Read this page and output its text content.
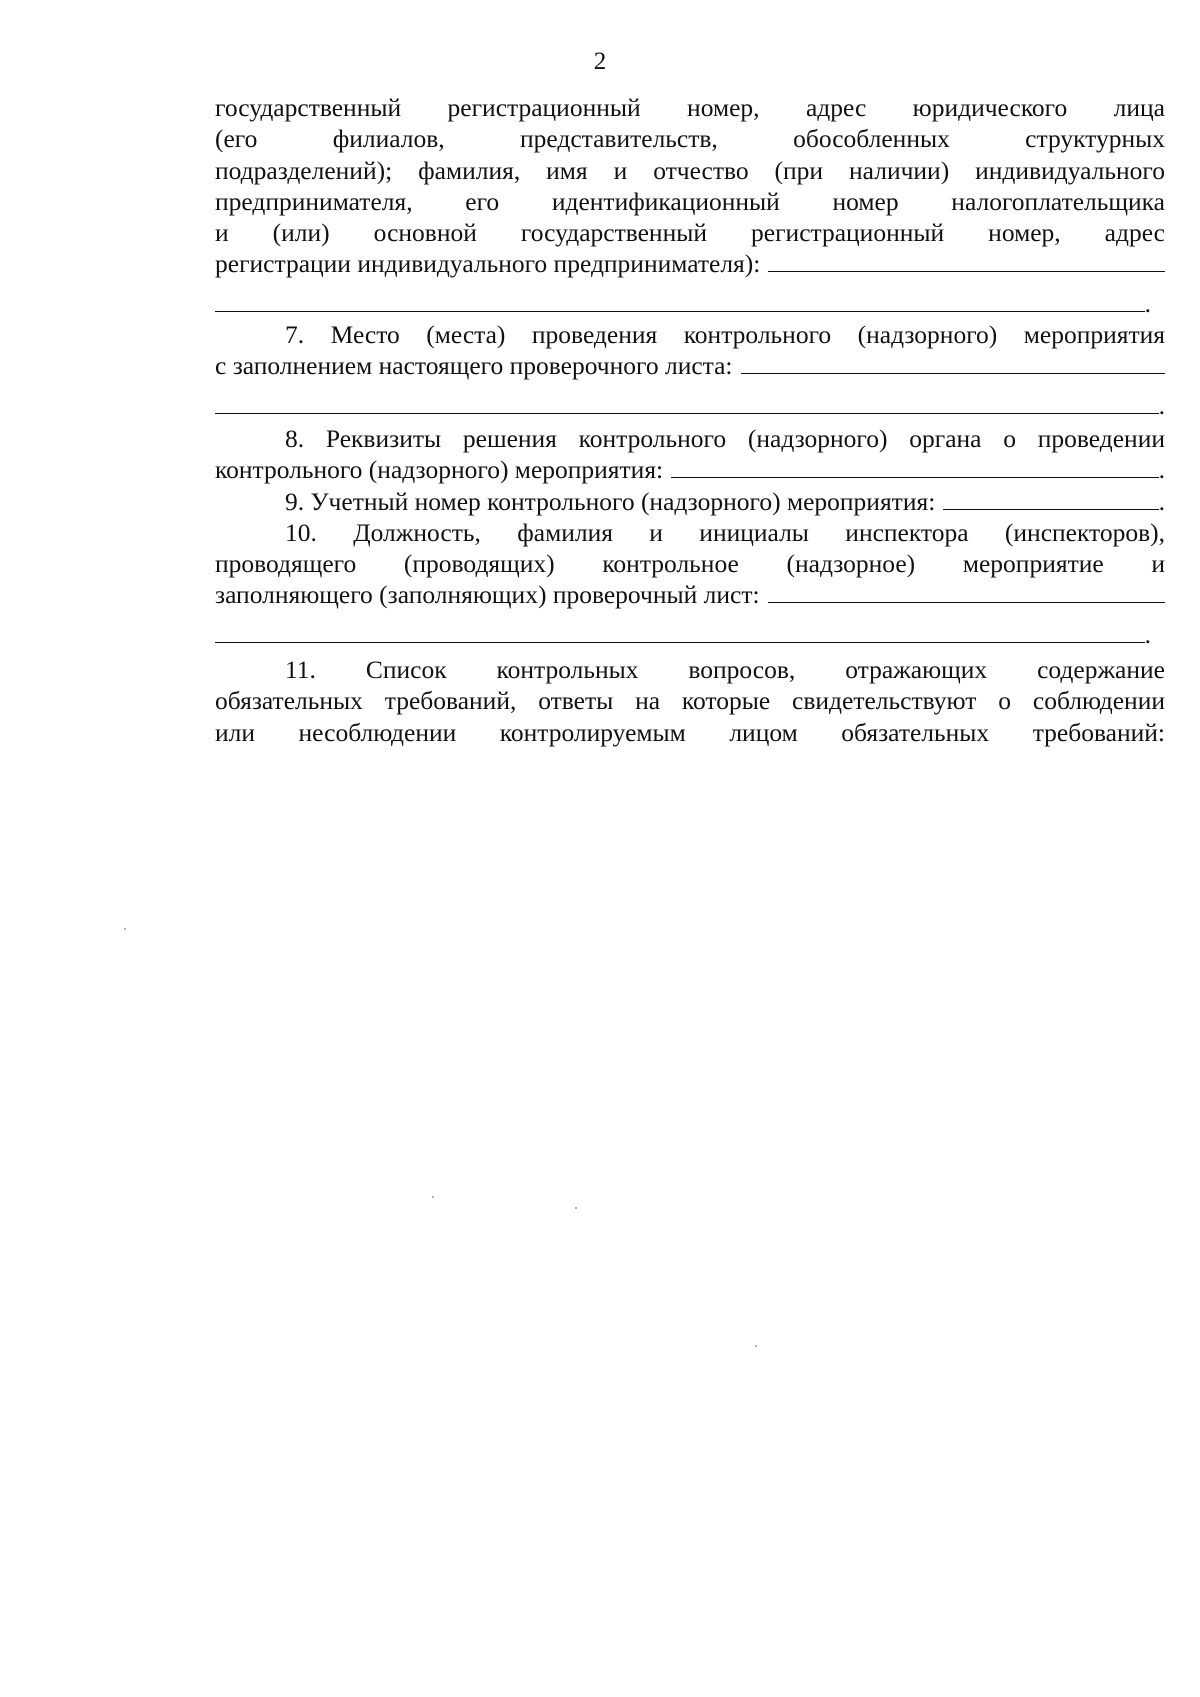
2
государственный регистрационный номер, адрес юридического лица
(его филиалов, представительств, обособленных структурных
подразделений); фамилия, имя и отчество (при наличии) индивидуального
предпринимателя, его идентификационный номер налогоплательщика
и (или) основной государственный регистрационный номер, адрес
регистрации индивидуального предпринимателя):
.
7. Место (места) проведения контрольного (надзорного) мероприятия
с заполнением настоящего проверочного листа:
.
8. Реквизиты решения контрольного (надзорного) органа о проведении
контрольного (надзорного) мероприятия:	.
9. Учетный номер контрольного (надзорного) мероприятия:	.
10. Должность, фамилия и инициалы инспектора (инспекторов),
проводящего (проводящих) контрольное (надзорное) мероприятие и
заполняющего (заполняющих) проверочный лист:
.
11. Список контрольных вопросов, отражающих содержание
обязательных требований, ответы на которые свидетельствуют о соблюдении
или несоблюдении контролируемым лицом обязательных требований:
